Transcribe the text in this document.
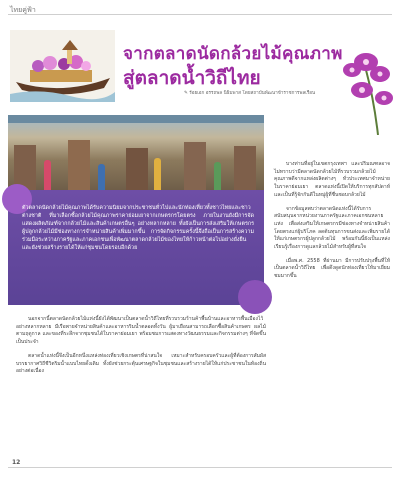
ไทยคู่ฟ้า
จากตลาดนัดกล้วยไม้คุณภาพ
สู่ตลาดน้ำวิถีไทย
✎ ร้อยเอก อรรถพล นิธิมพาส โดยสถาบันพัฒนาข้าราชการพลเรือน
ตัวตลาดนัดกล้วยไม้คุณภาพได้รับความนิยมจากประชาชนทั่วไปและนักท่องเที่ยวทั้งชาวไทยและชาวต่างชาติ ที่มาเลือกซื้อกล้วยไม้คุณภาพราคาย่อมเยาจากเกษตรกรโดยตรง ภายในงานยังมีการจัดแสดงผลิตภัณฑ์จากกล้วยไม้และสินค้าเกษตรอื่นๆ อย่างหลากหลาย ทั้งยังเป็นการส่งเสริมให้เกษตรกรผู้ปลูกกล้วยไม้มีช่องทางการจำหน่ายสินค้าเพิ่มมากขึ้น การจัดกิจกรรมครั้งนี้จึงถือเป็นการสร้างความร่วมมือระหว่างภาครัฐและภาคเอกชนเพื่อพัฒนาตลาดกล้วยไม้ของไทยให้ก้าวหน้าต่อไปอย่างยั่งยืน และยังช่วยสร้างรายได้ให้แก่ชุมชนโดยรอบอีกด้วย

บางท่านที่อยู่ในเขตกรุงเทพฯ และปริมณฑลอาจไม่ทราบว่ามีตลาดนัดกล้วยไม้ที่รวบรวมกล้วยไม้คุณภาพดีจากแหล่งผลิตต่างๆ ทั่วประเทศมาจำหน่ายในราคาย่อมเยา ตลาดแห่งนี้เปิดให้บริการทุกสัปดาห์และเป็นที่รู้จักกันดีในหมู่ผู้ที่ชื่นชอบกล้วยไม้

จากข้อมูลพบว่าตลาดนัดแห่งนี้ได้รับการสนับสนุนจากหน่วยงานภาครัฐและภาคเอกชนหลายแห่ง เพื่อส่งเสริมให้เกษตรกรมีช่องทางจำหน่ายสินค้าโดยตรงแก่ผู้บริโภค ลดต้นทุนการขนส่งและเพิ่มรายได้ให้แก่เกษตรกรผู้ปลูกกล้วยไม้ พร้อมกันนี้ยังเป็นแหล่งเรียนรู้เรื่องการดูแลกล้วยไม้สำหรับผู้ที่สนใจ

เมื่อพ.ศ. 2558 ที่ผ่านมา มีการปรับปรุงพื้นที่ให้เป็นตลาดน้ำวิถีไทย เพื่อดึงดูดนักท่องเที่ยวให้มาเยี่ยมชมมากขึ้น

นอกจากนี้ตลาดนัดกล้วยไม้แห่งนี้ยังได้พัฒนาเป็นตลาดน้ำวิถีไทยที่รวบรวมร้านค้าพื้นบ้านและอาหารพื้นเมืองไว้อย่างหลากหลาย มีเรือพายจำหน่ายสินค้าและอาหารริมน้ำตลอดทั้งวัน ผู้มาเยือนสามารถเลือกซื้อสินค้าเกษตร ผลไม้ตามฤดูกาล และของที่ระลึกจากชุมชนได้ในราคาย่อมเยา พร้อมชมการแสดงทางวัฒนธรรมและกิจกรรมต่างๆ ที่จัดขึ้นเป็นประจำ

ตลาดน้ำแห่งนี้จึงเป็นอีกหนึ่งแหล่งท่องเที่ยวเชิงเกษตรที่น่าสนใจ เหมาะสำหรับครอบครัวและผู้ที่ต้องการสัมผัสบรรยากาศวิถีชีวิตริมน้ำแบบไทยดั้งเดิม ทั้งยังช่วยกระตุ้นเศรษฐกิจในชุมชนและสร้างรายได้ให้แก่ประชาชนในท้องถิ่นอย่างต่อเนื่อง

12
